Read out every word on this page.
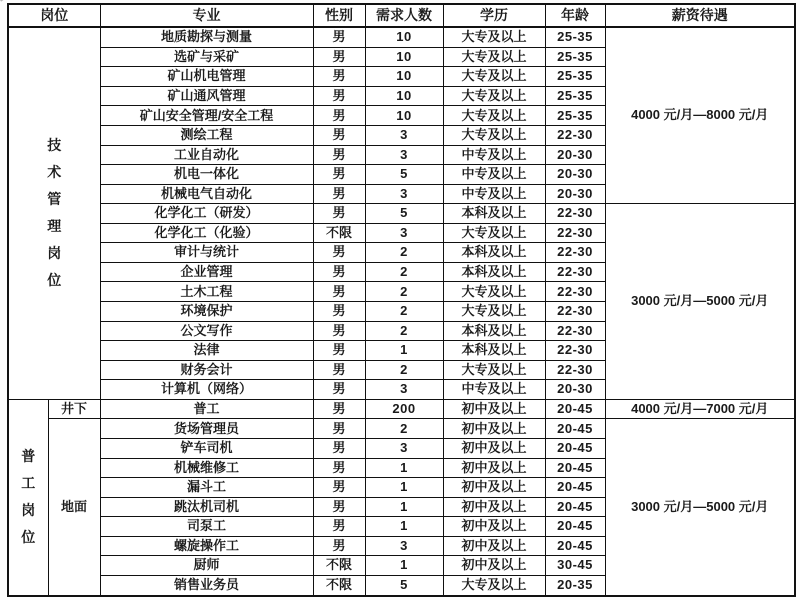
岗位		专业	性别	需求人数	学历	年龄	薪资待遇

技术管理岗位		地质勘探与测量	男	10	大专及以上	25-35	4000 元/月—8000 元/月
		选矿与采矿	男	10	大专及以上	25-35	
		矿山机电管理	男	10	大专及以上	25-35	
		矿山通风管理	男	10	大专及以上	25-35	
		矿山安全管理/安全工程	男	10	大专及以上	25-35	
		测绘工程	男	3	大专及以上	22-30	
		工业自动化	男	3	中专及以上	20-30	
		机电一体化	男	5	中专及以上	20-30	
		机械电气自动化	男	3	中专及以上	20-30	
		化学化工（研发）	男	5	本科及以上	22-30	3000 元/月—5000 元/月
		化学化工（化验）	不限	3	大专及以上	22-30	
		审计与统计	男	2	本科及以上	22-30	
		企业管理	男	2	本科及以上	22-30	
		土木工程	男	2	大专及以上	22-30	
		环境保护	男	2	大专及以上	22-30	
		公文写作	男	2	本科及以上	22-30	
		法律	男	1	本科及以上	22-30	
		财务会计	男	2	大专及以上	22-30	
		计算机（网络）	男	3	中专及以上	20-30	

普工岗位	井下	普工	男	200	初中及以上	20-45	4000 元/月—7000 元/月
	地面	货场管理员	男	2	初中及以上	20-45	3000 元/月—5000 元/月
		铲车司机	男	3	初中及以上	20-45	
		机械维修工	男	1	初中及以上	20-45	
		漏斗工	男	1	初中及以上	20-45	
		跳汰机司机	男	1	初中及以上	20-45	
		司泵工	男	1	初中及以上	20-45	
		螺旋操作工	男	3	初中及以上	20-45	
		厨师	不限	1	初中及以上	30-45	
		销售业务员	不限	5	大专及以上	20-35	
